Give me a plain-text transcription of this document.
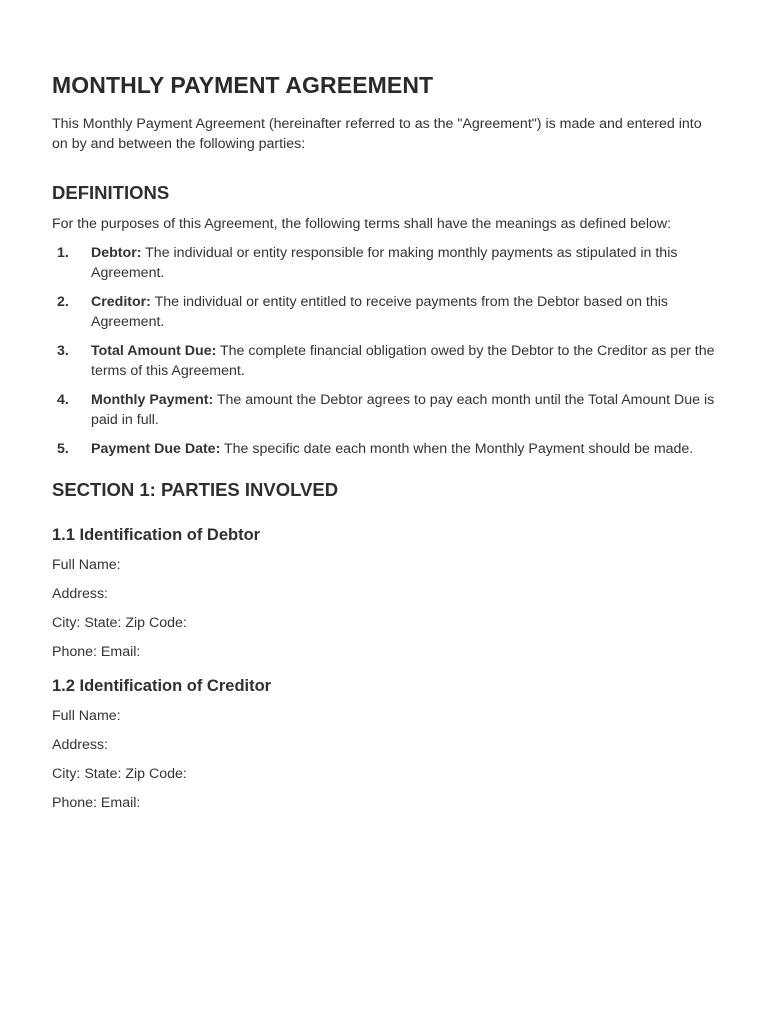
MONTHLY PAYMENT AGREEMENT

This Monthly Payment Agreement (hereinafter referred to as the "Agreement") is made and entered into on by and between the following parties:

DEFINITIONS

For the purposes of this Agreement, the following terms shall have the meanings as defined below:

1.	Debtor: The individual or entity responsible for making monthly payments as stipulated in this Agreement.
2.	Creditor: The individual or entity entitled to receive payments from the Debtor based on this Agreement.
3.	Total Amount Due: The complete financial obligation owed by the Debtor to the Creditor as per the terms of this Agreement.
4.	Monthly Payment: The amount the Debtor agrees to pay each month until the Total Amount Due is paid in full.
5.	Payment Due Date: The specific date each month when the Monthly Payment should be made.
SECTION 1: PARTIES INVOLVED
1.1 Identification of Debtor

Full Name:

Address:

City: State: Zip Code:

Phone: Email:

1.2 Identification of Creditor

Full Name:

Address:

City: State: Zip Code:

Phone: Email:
